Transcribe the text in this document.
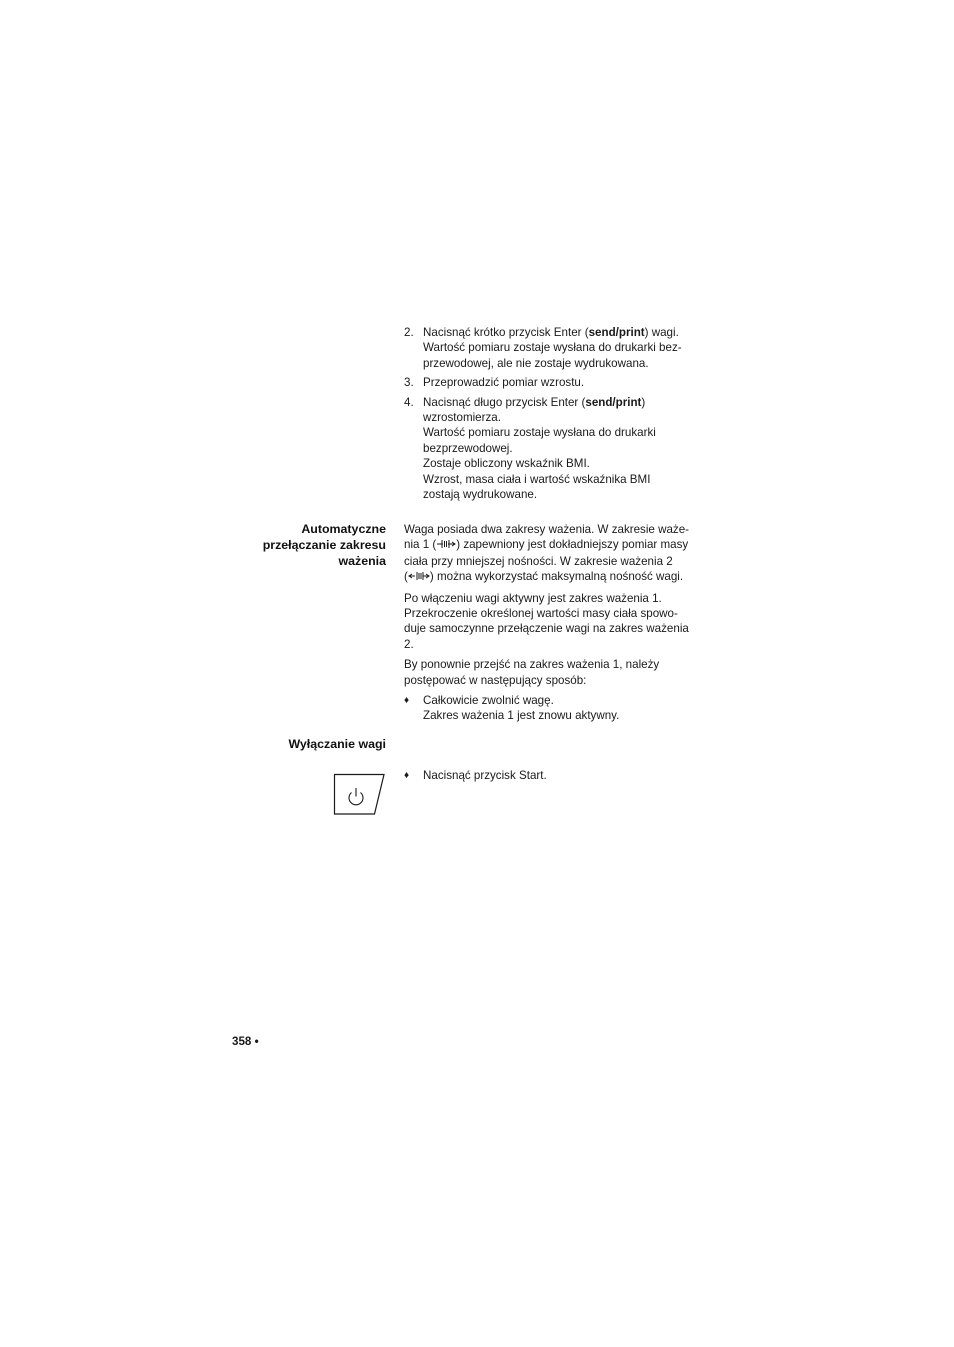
2. Nacisnąć krótko przycisk Enter (send/print) wagi.

Wartość pomiaru zostaje wysłana do drukarki bez-

przewodowej, ale nie zostaje wydrukowana.

3. Przeprowadzić pomiar wzrostu.

4. Nacisnąć długo przycisk Enter (send/print)

wzrostomierza.

Wartość pomiaru zostaje wysłana do drukarki

bezprzewodowej.

Zostaje obliczony wskaźnik BMI.

Wzrost, masa ciała i wartość wskaźnika BMI

zostają wydrukowane.

Automatyczne
przełączanie zakresu
ważenia

Waga posiada dwa zakresy ważenia. W zakresie waże-

nia 1 ( ) zapewniony jest dokładniejszy pomiar masy

ciała przy mniejszej nośności. W zakresie ważenia 2

( ) można wykorzystać maksymalną nośność wagi.

Po włączeniu wagi aktywny jest zakres ważenia 1.

Przekroczenie określonej wartości masy ciała spowo-

duje samoczynne przełączenie wagi na zakres ważenia

2.

By ponownie przejść na zakres ważenia 1, należy

postępować w następujący sposób:

♦ Całkowicie zwolnić wagę.

Zakres ważenia 1 jest znowu aktywny.

Wyłączanie wagi
♦ Nacisnąć przycisk Start.

358 •
